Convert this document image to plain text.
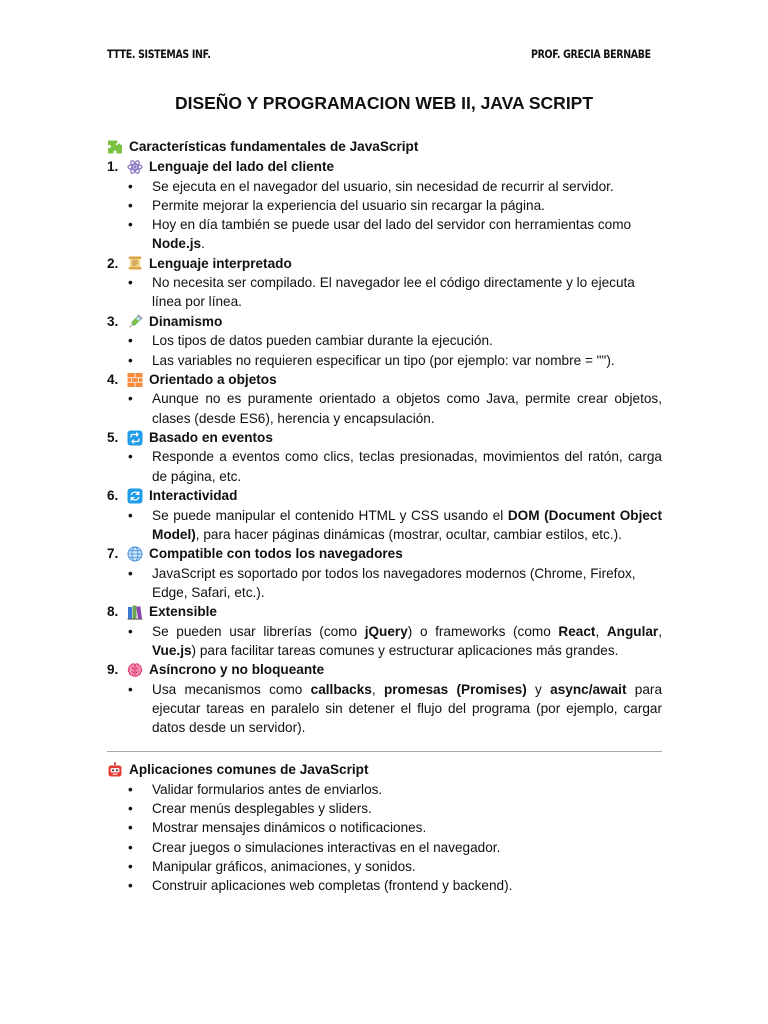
TTTE. SISTEMAS INF.	PROF. GRECIA BERNABE
DISEÑO Y PROGRAMACION WEB II, JAVA SCRIPT
Características fundamentales de JavaScript
1.	Lenguaje del lado del cliente
• Se ejecuta en el navegador del usuario, sin necesidad de recurrir al servidor.
• Permite mejorar la experiencia del usuario sin recargar la página.
• Hoy en día también se puede usar del lado del servidor con herramientas como Node.js.
2.	Lenguaje interpretado
• No necesita ser compilado. El navegador lee el código directamente y lo ejecuta línea por línea.
3.	Dinamismo
• Los tipos de datos pueden cambiar durante la ejecución.
• Las variables no requieren especificar un tipo (por ejemplo: var nombre = "").
4.	Orientado a objetos
• Aunque no es puramente orientado a objetos como Java, permite crear objetos, clases (desde ES6), herencia y encapsulación.
5.	Basado en eventos
• Responde a eventos como clics, teclas presionadas, movimientos del ratón, carga de página, etc.
6.	Interactividad
• Se puede manipular el contenido HTML y CSS usando el DOM (Document Object Model), para hacer páginas dinámicas (mostrar, ocultar, cambiar estilos, etc.).
7.	Compatible con todos los navegadores
• JavaScript es soportado por todos los navegadores modernos (Chrome, Firefox, Edge, Safari, etc.).
8.	Extensible
• Se pueden usar librerías (como jQuery) o frameworks (como React, Angular, Vue.js) para facilitar tareas comunes y estructurar aplicaciones más grandes.
9.	Asíncrono y no bloqueante
• Usa mecanismos como callbacks, promesas (Promises) y async/await para ejecutar tareas en paralelo sin detener el flujo del programa (por ejemplo, cargar datos desde un servidor).
Aplicaciones comunes de JavaScript
• Validar formularios antes de enviarlos.
• Crear menús desplegables y sliders.
• Mostrar mensajes dinámicos o notificaciones.
• Crear juegos o simulaciones interactivas en el navegador.
• Manipular gráficos, animaciones, y sonidos.
• Construir aplicaciones web completas (frontend y backend).
